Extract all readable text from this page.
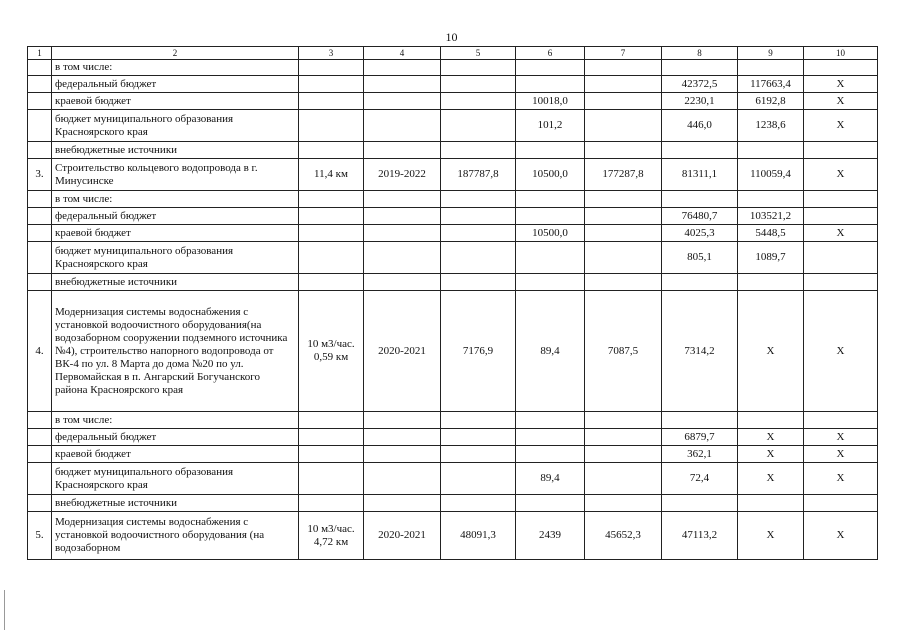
10
1	2	3	4	5	6	7	8	9	10
	в том числе:								
	федеральный бюджет						42372,5	117663,4	Х
	краевой бюджет				10018,0		2230,1	6192,8	Х
	бюджет муниципального образования Красноярского края				101,2		446,0	1238,6	Х
	внебюджетные источники								
3.	Строительство кольцевого водопровода в г. Минусинске	11,4 км	2019-2022	187787,8	10500,0	177287,8	81311,1	110059,4	Х
	в том числе:								
	федеральный бюджет						76480,7	103521,2	
	краевой бюджет				10500,0		4025,3	5448,5	Х
	бюджет муниципального образования Красноярского края						805,1	1089,7	
	внебюджетные источники								
4.	Модернизация системы водоснабжения с установкой водоочистного оборудования(на водозаборном сооружении подземного источника №4), строительство напорного водопровода от ВК-4 по ул. 8 Марта до дома №20 по ул. Первомайская в п. Ангарский Богучанского района Красноярского края	10 м3/час. 0,59 км	2020-2021	7176,9	89,4	7087,5	7314,2	Х	Х
	в том числе:								
	федеральный бюджет						6879,7	Х	Х
	краевой бюджет						362,1	Х	Х
	бюджет муниципального образования Красноярского края				89,4		72,4	Х	Х
	внебюджетные источники								
5.	Модернизация системы водоснабжения с установкой водоочистного оборудования (на водозаборном	10 м3/час. 4,72 км	2020-2021	48091,3	2439	45652,3	47113,2	Х	Х
